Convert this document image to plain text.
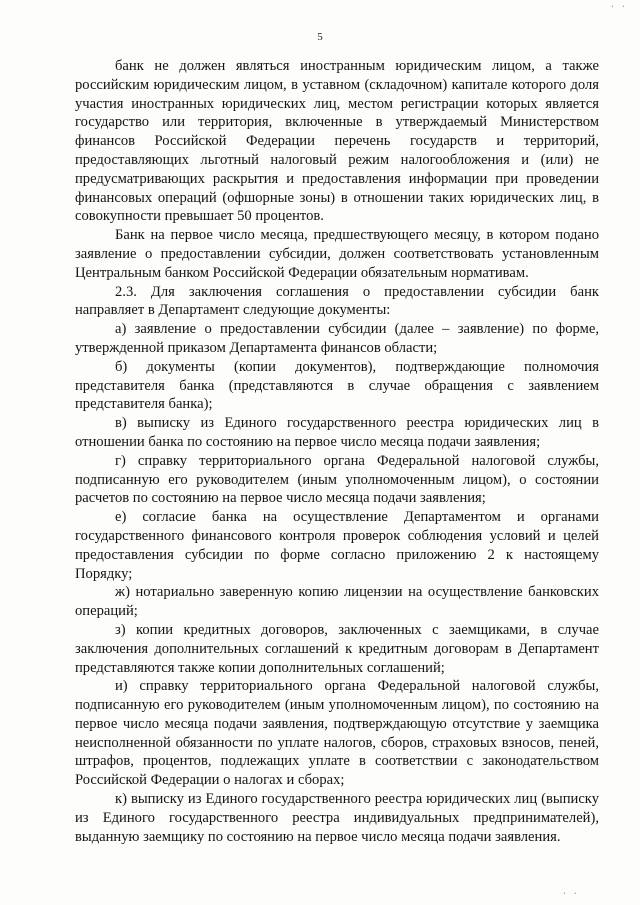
· ·
5

банк не должен являться иностранным юридическим лицом, а также российским юридическим лицом, в уставном (складочном) капитале которого доля участия иностранных юридических лиц, местом регистрации которых является государство или территория, включенные в утверждаемый Министерством финансов Российской Федерации перечень государств и территорий, предоставляющих льготный налоговый режим налогообложения и (или) не предусматривающих раскрытия и предоставления информации при проведении финансовых операций (офшорные зоны) в отношении таких юридических лиц, в совокупности превышает 50 процентов.

Банк на первое число месяца, предшествующего месяцу, в котором подано заявление о предоставлении субсидии, должен соответствовать установленным Центральным банком Российской Федерации обязательным нормативам.

2.3. Для заключения соглашения о предоставлении субсидии банк направляет в Департамент следующие документы:

а) заявление о предоставлении субсидии (далее – заявление) по форме, утвержденной приказом Департамента финансов области;

б) документы (копии документов), подтверждающие полномочия представителя банка (представляются в случае обращения с заявлением представителя банка);

в) выписку из Единого государственного реестра юридических лиц в отношении банка по состоянию на первое число месяца подачи заявления;

г) справку территориального органа Федеральной налоговой службы, подписанную его руководителем (иным уполномоченным лицом), о состоянии расчетов по состоянию на первое число месяца подачи заявления;

е) согласие банка на осуществление Департаментом и органами государственного финансового контроля проверок соблюдения условий и целей предоставления субсидии по форме согласно приложению 2 к настоящему Порядку;

ж) нотариально заверенную копию лицензии на осуществление банковских операций;

з) копии кредитных договоров, заключенных с заемщиками, в случае заключения дополнительных соглашений к кредитным договорам в Департамент представляются также копии дополнительных соглашений;

и) справку территориального органа Федеральной налоговой службы, подписанную его руководителем (иным уполномоченным лицом), по состоянию на первое число месяца подачи заявления, подтверждающую отсутствие у заемщика неисполненной обязанности по уплате налогов, сборов, страховых взносов, пеней, штрафов, процентов, подлежащих уплате в соответствии с законодательством Российской Федерации о налогах и сборах;

к) выписку из Единого государственного реестра юридических лиц (выписку из Единого государственного реестра индивидуальных предпринимателей), выданную заемщику по состоянию на первое число месяца подачи заявления.

· ·
